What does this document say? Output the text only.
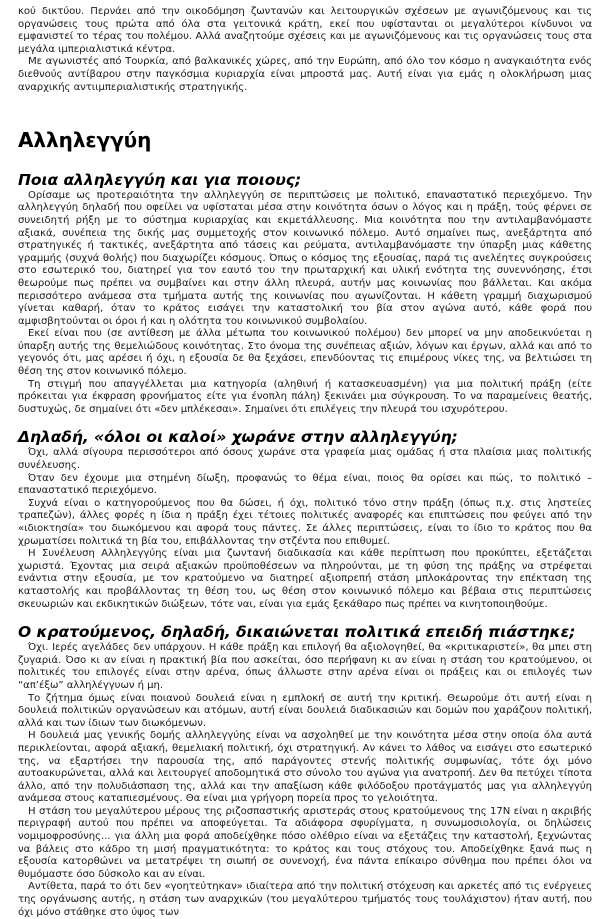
κού δικτύου. Περνάει από την οικοδόμηση ζωντανών και λειτουργικών σχέσεων με αγωνιζόμενους και τις οργανώσεις τους πρώτα από όλα στα γειτονικά κράτη, εκεί που υφίστανται οι μεγαλύτεροι κίνδυνοι να εμφανιστεί το τέρας του πολέμου. Αλλά αναζητούμε σχέσεις και με αγωνιζόμενους και τις οργανώσεις τους στα μεγάλα ιμπεριαλιστικά κέντρα.

Με αγωνιστές από Τουρκία, από βαλκανικές χώρες, από την Ευρώπη, από όλο τον κόσμο η αναγκαιότητα ενός διεθνούς αντίβαρου στην παγκόσμια κυριαρχία είναι μπροστά μας. Αυτή είναι για εμάς η ολοκλήρωση μιας αναρχικής αντιιμπεριαλιστικής στρατηγικής.

Αλληλεγγύη
Ποια αλληλεγγύη και για ποιους;

Ορίσαμε ως προτεραιότητα την αλληλεγγύη σε περιπτώσεις με πολιτικό, επαναστατικό περιεχόμενο. Την αλληλεγγύη δηλαδή που οφείλει να υφίσταται μέσα στην κοινότητα όσων ο λόγος και η πράξη, τούς φέρνει σε συνειδητή ρήξη με το σύστημα κυριαρχίας και εκμετάλλευσης. Μια κοινότητα που την αντιλαμβανόμαστε αξιακά, συνέπεια της δικής μας συμμετοχής στον κοινωνικό πόλεμο. Αυτό σημαίνει πως, ανεξάρτητα από στρατηγικές ή τακτικές, ανεξάρτητα από τάσεις και ρεύματα, αντιλαμβανόμαστε την ύπαρξη μιας κάθετης γραμμής (συχνά θολής) που διαχωρίζει κόσμους. Όπως ο κόσμος της εξουσίας, παρά τις ανελέητες συγκρούσεις στο εσωτερικό του, διατηρεί για τον εαυτό του την πρωταρχική και υλική ενότητα της συνεννόησης, έτσι θεωρούμε πως πρέπει να συμβαίνει και στην άλλη πλευρά, αυτήν μας κοινωνίας που βάλλεται. Και ακόμα περισσότερο ανάμεσα στα τμήματα αυτής της κοινωνίας που αγωνίζονται. Η κάθετη γραμμή διαχωρισμού γίνεται καθαρή, όταν το κράτος εισάγει την καταστολική του βία στον αγώνα αυτό, κάθε φορά που αμφισβητούνται οι όροι ή και η ολότητα του κοινωνικού συμβολαίου.

Εκεί είναι που (σε αντίθεση με άλλα μέτωπα του κοινωνικού πολέμου) δεν μπορεί να μην αποδεικνύεται η ύπαρξη αυτής της θεμελιώδους κοινότητας. Στο όνομα της συνέπειας αξιών, λόγων και έργων, αλλά και από το γεγονός ότι, μας αρέσει ή όχι, η εξουσία δε θα ξεχάσει, επενδύοντας τις επιμέρους νίκες της, να βελτιώσει τη θέση της στον κοινωνικό πόλεμο.

Τη στιγμή που απαγγέλλεται μια κατηγορία (αληθινή ή κατασκευασμένη) για μια πολιτική πράξη (είτε πρόκειται για έκφραση φρονήματος είτε για ένοπλη πάλη) ξεκινάει μια σύγκρουση. Το να παραμείνεις θεατής, δυστυχώς, δε σημαίνει ότι «δεν μπλέκεσαι». Σημαίνει ότι επιλέγεις την πλευρά του ισχυρότερου.

Δηλαδή, «όλοι οι καλοί» χωράνε στην αλληλεγγύη;

Όχι, αλλά σίγουρα περισσότεροι από όσους χωράνε στα γραφεία μιας ομάδας ή στα πλαίσια μιας πολιτικής συνέλευσης.

Όταν δεν έχουμε μια στημένη δίωξη, προφανώς το θέμα είναι, ποιος θα ορίσει και πώς, το πολιτικό – επαναστατικό περιεχόμενο.

Συχνά είναι ο κατηγορούμενος που θα δώσει, ή όχι, πολιτικό τόνο στην πράξη (όπως π.χ. στις ληστείες τραπεζών), άλλες φορές η ίδια η πράξη έχει τέτοιες πολιτικές αναφορές και επιπτώσεις που φεύγει από την «ιδιοκτησία» του διωκόμενου και αφορά τους πάντες. Σε άλλες περιπτώσεις, είναι το ίδιο το κράτος που θα χρωματίσει πολιτικά τη βία του, επιβάλλοντας την στζέντα που επιθυμεί.

Η Συνέλευση Αλληλεγγύης είναι μια ζωντανή διαδικασία και κάθε περίπτωση που προκύπτει, εξετάζεται χωριστά. Έχοντας μια σειρά αξιακών προϋποθέσεων να πληρούνται, με τη φύση της πράξης να στρέφεται ενάντια στην εξουσία, με τον κρατούμενο να διατηρεί αξιοπρεπή στάση μπλοκάροντας την επέκταση της καταστολής και προβάλλοντας τη θέση του, ως θέση στον κοινωνικό πόλεμο και βέβαια στις περιπτώσεις σκευωριών και εκδικητικών διώξεων, τότε ναι, είναι για εμάς ξεκάθαρο πως πρέπει να κινητοποιηθούμε.

Ο κρατούμενος, δηλαδή, δικαιώνεται πολιτικά επειδή πιάστηκε;

Όχι. Ιερές αγελάδες δεν υπάρχουν. Η κάθε πράξη και επιλογή θα αξιολογηθεί, θα «κριτικαριστεί», θα μπει στη ζυγαριά. Όσο κι αν είναι η πρακτική βία που ασκείται, όσο περήφανη κι αν είναι η στάση του κρατούμενου, οι πολιτικές του επιλογές είναι στην αρένα, όπως άλλωστε στην αρένα είναι οι πράξεις και οι επιλογές των “απ’έξω” αλληλέγγυων ή μη.

Το ζήτημα όμως είναι ποιανού δουλειά είναι η εμπλοκή σε αυτή την κριτική. Θεωρούμε ότι αυτή είναι η δουλειά πολιτικών οργανώσεων και ατόμων, αυτή είναι δουλειά διαδικασιών και δομών που χαράζουν πολιτική, αλλά και των ίδιων των διωκόμενων.

Η δουλειά μας γενικής δομής αλληλεγγύης είναι να ασχοληθεί με την κοινότητα μέσα στην οποία όλα αυτά περικλείονται, αφορά αξιακή, θεμελιακή πολιτική, όχι στρατηγική. Αν κάνει το λάθος να εισάγει στο εσωτερικό της, να εξαρτήσει την παρουσία της, από παράγοντες στενής πολιτικής συμφωνίας, τότε όχι μόνο αυτοακυρώνεται, αλλά και λειτουργεί αποδομητικά στο σύνολο του αγώνα για ανατροπή. Δεν θα πετύχει τίποτα άλλο, από την πολυδιάσπαση της, αλλά και την απαξίωση κάθε φιλόδοξου προτάγματός μας για αλληλεγγύη ανάμεσα στους καταπιεσμένους. Θα είναι μια γρήγορη πορεία προς το γελοιότητα.

Η στάση του μεγαλύτερου μέρους της ριζοσπαστικής αριστεράς στους κρατούμενους της 17Ν είναι η ακριβής περιγραφή αυτού που πρέπει να αποφεύγεται. Τα αδιάφορα σφυρίγματα, η συνωμοσιολογία, οι δηλώσεις νομιμοφροσύνης... για άλλη μια φορά αποδείχθηκε πόσο ολέθριο είναι να εξετάζεις την καταστολή, ξεχνώντας να βάλεις στο κάδρο τη μισή πραγματικότητα: το κράτος και τους στόχους του. Αποδείχθηκε ξανά πως η εξουσία κατορθώνει να μετατρέψει τη σιωπή σε συνενοχή, ένα πάντα επίκαιρο σύνθημα που πρέπει όλοι να θυμόμαστε όσο δύσκολο και αν είναι.

Αντίθετα, παρά το ότι δεν «γοητεύτηκαν» ιδιαίτερα από την πολιτική στόχευση και αρκετές από τις ενέργειες της οργάνωσης αυτής, η στάση των αναρχικών (του μεγαλύτερου τμήματός τους τουλάχιστον) ήταν αυτή, που όχι μόνο στάθηκε στο ύψος των
